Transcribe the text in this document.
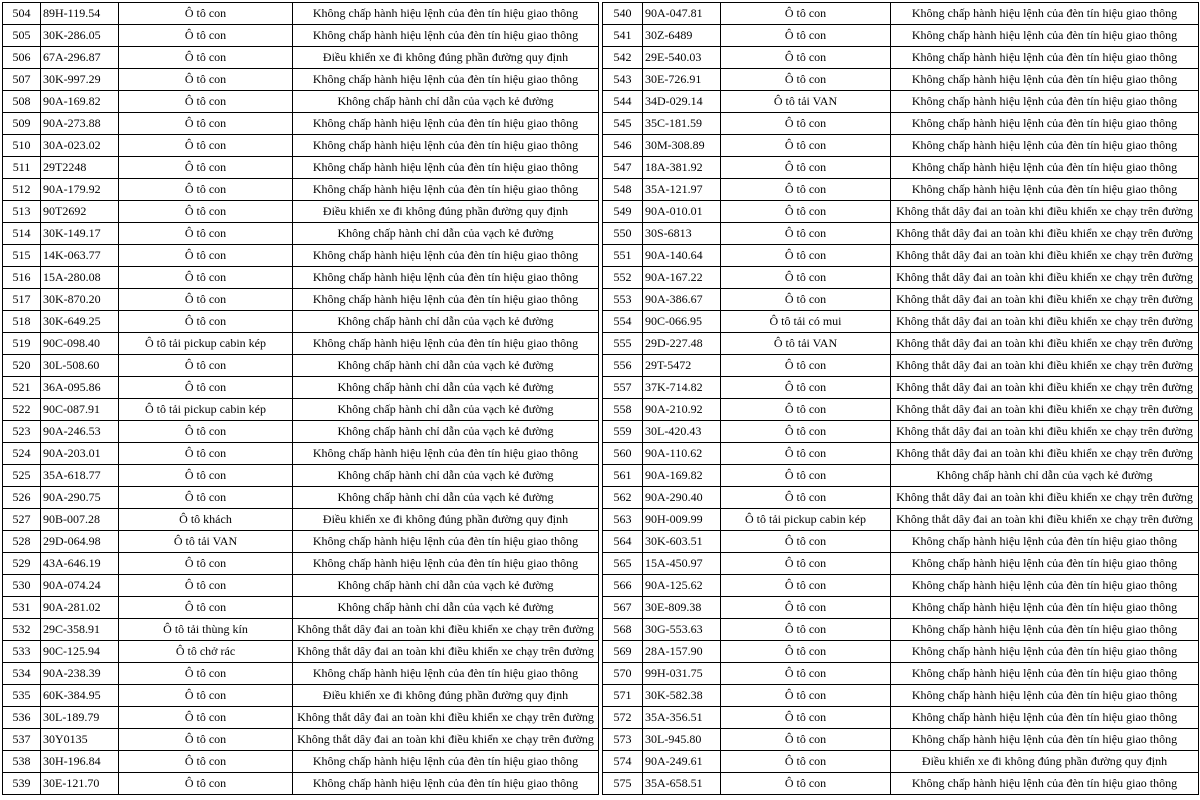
504	89H-119.54	Ô tô con	Không chấp hành hiệu lệnh của đèn tín hiệu giao thông
505	30K-286.05	Ô tô con	Không chấp hành hiệu lệnh của đèn tín hiệu giao thông
506	67A-296.87	Ô tô con	Điều khiển xe đi không đúng phần đường quy định
507	30K-997.29	Ô tô con	Không chấp hành hiệu lệnh của đèn tín hiệu giao thông
508	90A-169.82	Ô tô con	Không chấp hành chỉ dẫn của vạch kẻ đường
509	90A-273.88	Ô tô con	Không chấp hành hiệu lệnh của đèn tín hiệu giao thông
510	30A-023.02	Ô tô con	Không chấp hành hiệu lệnh của đèn tín hiệu giao thông
511	29T2248	Ô tô con	Không chấp hành hiệu lệnh của đèn tín hiệu giao thông
512	90A-179.92	Ô tô con	Không chấp hành hiệu lệnh của đèn tín hiệu giao thông
513	90T2692	Ô tô con	Điều khiển xe đi không đúng phần đường quy định
514	30K-149.17	Ô tô con	Không chấp hành chỉ dẫn của vạch kẻ đường
515	14K-063.77	Ô tô con	Không chấp hành hiệu lệnh của đèn tín hiệu giao thông
516	15A-280.08	Ô tô con	Không chấp hành hiệu lệnh của đèn tín hiệu giao thông
517	30K-870.20	Ô tô con	Không chấp hành hiệu lệnh của đèn tín hiệu giao thông
518	30K-649.25	Ô tô con	Không chấp hành chỉ dẫn của vạch kẻ đường
519	90C-098.40	Ô tô tải pickup cabin kép	Không chấp hành hiệu lệnh của đèn tín hiệu giao thông
520	30L-508.60	Ô tô con	Không chấp hành chỉ dẫn của vạch kẻ đường
521	36A-095.86	Ô tô con	Không chấp hành chỉ dẫn của vạch kẻ đường
522	90C-087.91	Ô tô tải pickup cabin kép	Không chấp hành chỉ dẫn của vạch kẻ đường
523	90A-246.53	Ô tô con	Không chấp hành chỉ dẫn của vạch kẻ đường
524	90A-203.01	Ô tô con	Không chấp hành hiệu lệnh của đèn tín hiệu giao thông
525	35A-618.77	Ô tô con	Không chấp hành chỉ dẫn của vạch kẻ đường
526	90A-290.75	Ô tô con	Không chấp hành chỉ dẫn của vạch kẻ đường
527	90B-007.28	Ô tô khách	Điều khiển xe đi không đúng phần đường quy định
528	29D-064.98	Ô tô tải VAN	Không chấp hành hiệu lệnh của đèn tín hiệu giao thông
529	43A-646.19	Ô tô con	Không chấp hành hiệu lệnh của đèn tín hiệu giao thông
530	90A-074.24	Ô tô con	Không chấp hành chỉ dẫn của vạch kẻ đường
531	90A-281.02	Ô tô con	Không chấp hành chỉ dẫn của vạch kẻ đường
532	29C-358.91	Ô tô tải thùng kín	Không thắt dây đai an toàn khi điều khiển xe chạy trên đường
533	90C-125.94	Ô tô chở rác	Không thắt dây đai an toàn khi điều khiển xe chạy trên đường
534	90A-238.39	Ô tô con	Không chấp hành hiệu lệnh của đèn tín hiệu giao thông
535	60K-384.95	Ô tô con	Điều khiển xe đi không đúng phần đường quy định
536	30L-189.79	Ô tô con	Không thắt dây đai an toàn khi điều khiển xe chạy trên đường
537	30Y0135	Ô tô con	Không thắt dây đai an toàn khi điều khiển xe chạy trên đường
538	30H-196.84	Ô tô con	Không chấp hành hiệu lệnh của đèn tín hiệu giao thông
539	30E-121.70	Ô tô con	Không chấp hành hiệu lệnh của đèn tín hiệu giao thông
540	90A-047.81	Ô tô con	Không chấp hành hiệu lệnh của đèn tín hiệu giao thông
541	30Z-6489	Ô tô con	Không chấp hành hiệu lệnh của đèn tín hiệu giao thông
542	29E-540.03	Ô tô con	Không chấp hành hiệu lệnh của đèn tín hiệu giao thông
543	30E-726.91	Ô tô con	Không chấp hành hiệu lệnh của đèn tín hiệu giao thông
544	34D-029.14	Ô tô tải VAN	Không chấp hành hiệu lệnh của đèn tín hiệu giao thông
545	35C-181.59	Ô tô con	Không chấp hành hiệu lệnh của đèn tín hiệu giao thông
546	30M-308.89	Ô tô con	Không chấp hành hiệu lệnh của đèn tín hiệu giao thông
547	18A-381.92	Ô tô con	Không chấp hành hiệu lệnh của đèn tín hiệu giao thông
548	35A-121.97	Ô tô con	Không chấp hành hiệu lệnh của đèn tín hiệu giao thông
549	90A-010.01	Ô tô con	Không thắt dây đai an toàn khi điều khiển xe chạy trên đường
550	30S-6813	Ô tô con	Không thắt dây đai an toàn khi điều khiển xe chạy trên đường
551	90A-140.64	Ô tô con	Không thắt dây đai an toàn khi điều khiển xe chạy trên đường
552	90A-167.22	Ô tô con	Không thắt dây đai an toàn khi điều khiển xe chạy trên đường
553	90A-386.67	Ô tô con	Không thắt dây đai an toàn khi điều khiển xe chạy trên đường
554	90C-066.95	Ô tô tải có mui	Không thắt dây đai an toàn khi điều khiển xe chạy trên đường
555	29D-227.48	Ô tô tải VAN	Không thắt dây đai an toàn khi điều khiển xe chạy trên đường
556	29T-5472	Ô tô con	Không thắt dây đai an toàn khi điều khiển xe chạy trên đường
557	37K-714.82	Ô tô con	Không thắt dây đai an toàn khi điều khiển xe chạy trên đường
558	90A-210.92	Ô tô con	Không thắt dây đai an toàn khi điều khiển xe chạy trên đường
559	30L-420.43	Ô tô con	Không thắt dây đai an toàn khi điều khiển xe chạy trên đường
560	90A-110.62	Ô tô con	Không thắt dây đai an toàn khi điều khiển xe chạy trên đường
561	90A-169.82	Ô tô con	Không chấp hành chỉ dẫn của vạch kẻ đường
562	90A-290.40	Ô tô con	Không thắt dây đai an toàn khi điều khiển xe chạy trên đường
563	90H-009.99	Ô tô tải pickup cabin kép	Không thắt dây đai an toàn khi điều khiển xe chạy trên đường
564	30K-603.51	Ô tô con	Không chấp hành hiệu lệnh của đèn tín hiệu giao thông
565	15A-450.97	Ô tô con	Không chấp hành hiệu lệnh của đèn tín hiệu giao thông
566	90A-125.62	Ô tô con	Không chấp hành hiệu lệnh của đèn tín hiệu giao thông
567	30E-809.38	Ô tô con	Không chấp hành hiệu lệnh của đèn tín hiệu giao thông
568	30G-553.63	Ô tô con	Không chấp hành hiệu lệnh của đèn tín hiệu giao thông
569	28A-157.90	Ô tô con	Không chấp hành hiệu lệnh của đèn tín hiệu giao thông
570	99H-031.75	Ô tô con	Không chấp hành hiệu lệnh của đèn tín hiệu giao thông
571	30K-582.38	Ô tô con	Không chấp hành hiệu lệnh của đèn tín hiệu giao thông
572	35A-356.51	Ô tô con	Không chấp hành hiệu lệnh của đèn tín hiệu giao thông
573	30L-945.80	Ô tô con	Không chấp hành hiệu lệnh của đèn tín hiệu giao thông
574	90A-249.61	Ô tô con	Điều khiển xe đi không đúng phần đường quy định
575	35A-658.51	Ô tô con	Không chấp hành hiệu lệnh của đèn tín hiệu giao thông
